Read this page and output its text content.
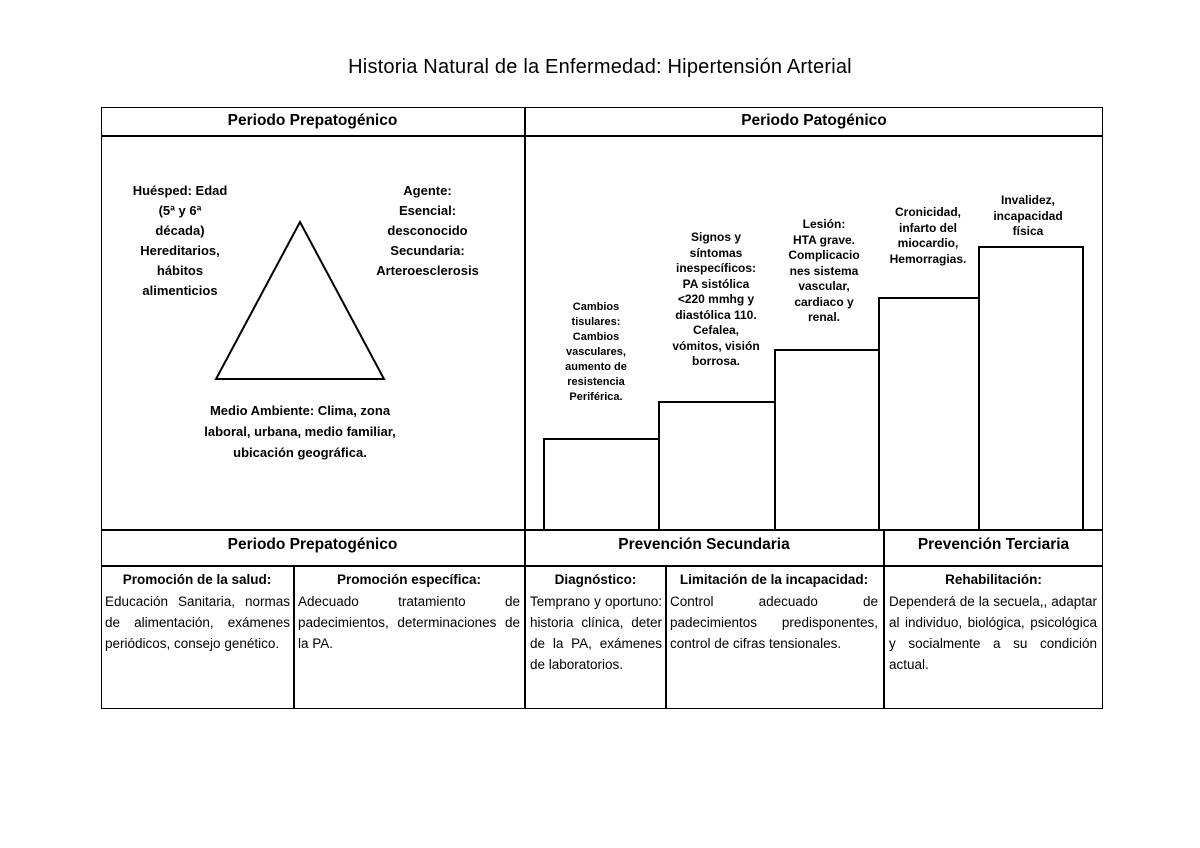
Historia Natural de la Enfermedad: Hipertensión Arterial
Periodo Prepatogénico	Periodo Patogénico
Huésped: Edad
(5ª y 6ª
década)
Hereditarios,
hábitos
alimenticios
Agente:
Esencial:
desconocido
Secundaria:
Arteroesclerosis
Medio Ambiente: Clima, zona
laboral, urbana, medio familiar,
ubicación geográfica.
Cambios
tisulares:
Cambios
vasculares,
aumento de
resistencia
Periférica.
Signos y
síntomas
inespecíficos:
PA sistólica
<220 mmhg y
diastólica 110.
Cefalea,
vómitos, visión
borrosa.
Lesión:
HTA grave.
Complicacio
nes sistema
vascular,
cardiaco y
renal.
Cronicidad,
infarto del
miocardio,
Hemorragias.
Invalidez,
incapacidad
física
Periodo Prepatogénico	Prevención Secundaria	Prevención Terciaria
Promoción de la salud:
Educación Sanitaria, normas de alimentación, exámenes periódicos, consejo genético.
Promoción específica:
Adecuado tratamiento de padecimientos, determinaciones de la PA.
Diagnóstico:
Temprano y oportuno: historia clínica, deter de la PA, exámenes de laboratorios.
Limitación de la incapacidad:
Control adecuado de padecimientos predisponentes, control de cifras tensionales.
Rehabilitación:
Dependerá de la secuela,, adaptar al individuo, biológica, psicológica y socialmente a su condición actual.
